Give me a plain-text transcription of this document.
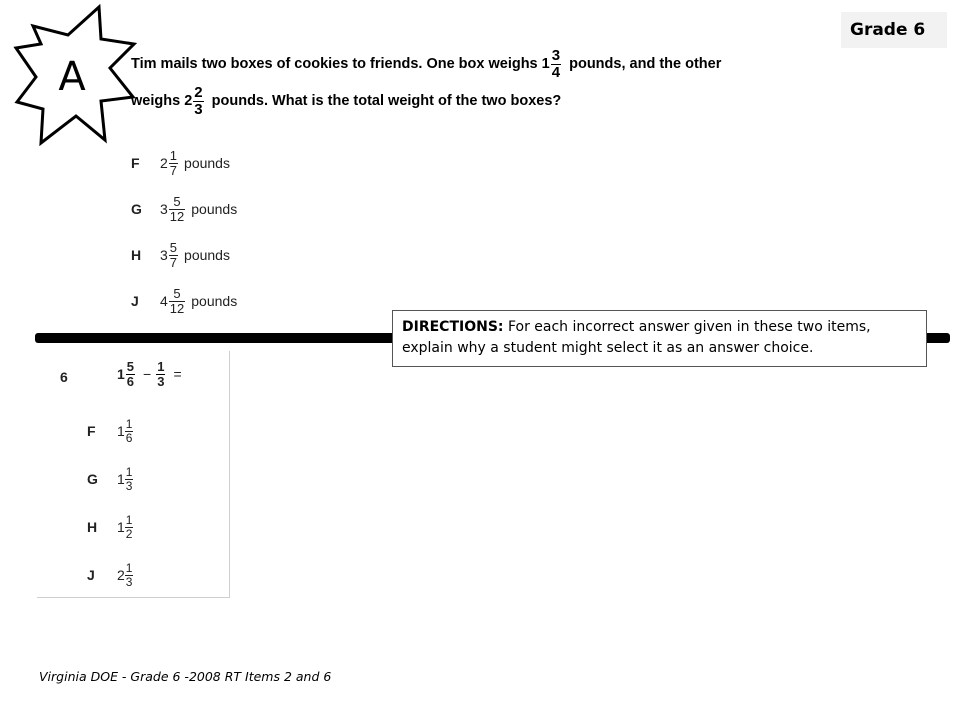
A
Grade 6
Tim mails two boxes of cookies to friends. One box weighs $1 \frac{3}{4}$ pounds, and the other weighs $2 \frac{2}{3}$ pounds. What is the total weight of the two boxes?
F	$2 \frac{1}{7}$ pounds
G	$3 \frac{5}{12}$ pounds
H	$3 \frac{5}{7}$ pounds
J	$4 \frac{5}{12}$ pounds
DIRECTIONS: For each incorrect answer given in these two items, explain why a student might select it as an answer choice.
6	$1 \frac{5}{6} - \frac{1}{3}$ =
F	$1 \frac{1}{6}$
G	$1 \frac{1}{3}$
H	$1 \frac{1}{2}$
J	$2 \frac{1}{3}$
Virginia DOE - Grade 6 -2008 RT Items 2 and 6
